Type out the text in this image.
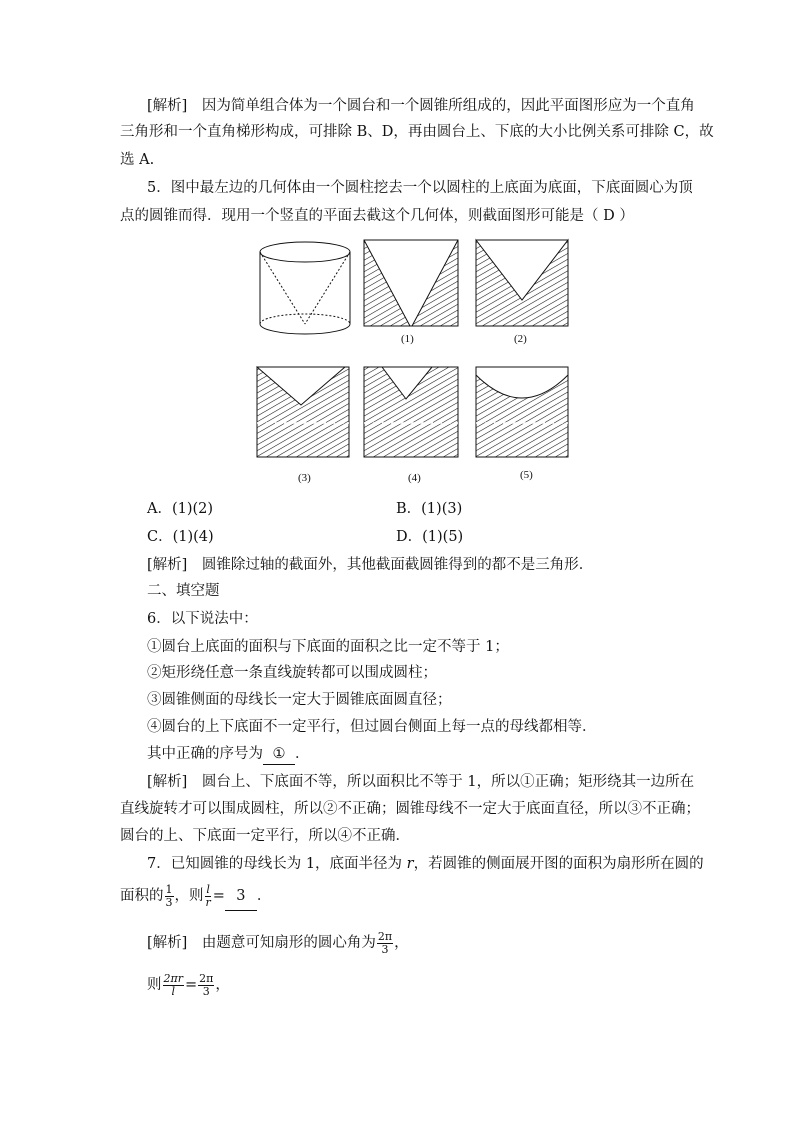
[解析]　因为简单组合体为一个圆台和一个圆锥所组成的，因此平面图形应为一个直角
三角形和一个直角梯形构成，可排除 B、D，再由圆台上、下底的大小比例关系可排除 C，故
选 A.
5．图中最左边的几何体由一个圆柱挖去一个以圆柱的上底面为底面，下底面圆心为顶
点的圆锥而得．现用一个竖直的平面去截这个几何体，则截面图形可能是（ D ）
(1)	(2)
(3)	(4)	(5)
A．(1)(2)	B．(1)(3)
C．(1)(4)	D．(1)(5)
[解析]　圆锥除过轴的截面外，其他截面截圆锥得到的都不是三角形．
二、填空题
6．以下说法中：
①圆台上底面的面积与下底面的面积之比一定不等于 1；
②矩形绕任意一条直线旋转都可以围成圆柱；
③圆锥侧面的母线长一定大于圆锥底面圆直径；
④圆台的上下底面不一定平行，但过圆台侧面上每一点的母线都相等．
其中正确的序号为 ① ．
[解析]　圆台上、下底面不等，所以面积比不等于 1，所以①正确；矩形绕其一边所在
直线旋转才可以围成圆柱，所以②不正确；圆锥母线不一定大于底面直径，所以③不正确；
圆台的上、下底面一定平行，所以④不正确．
7．已知圆锥的母线长为 1，底面半径为 r，若圆锥的侧面展开图的面积为扇形所在圆的
面积的 $\frac{1}{3}$ ，则 $\frac{l}{r} = 3$ ．
[解析]　由题意可知扇形的圆心角为 $\frac{2\pi}{3}$ ，
则 $\frac{2\pi r}{l} = \frac{2\pi}{3}$ ，
